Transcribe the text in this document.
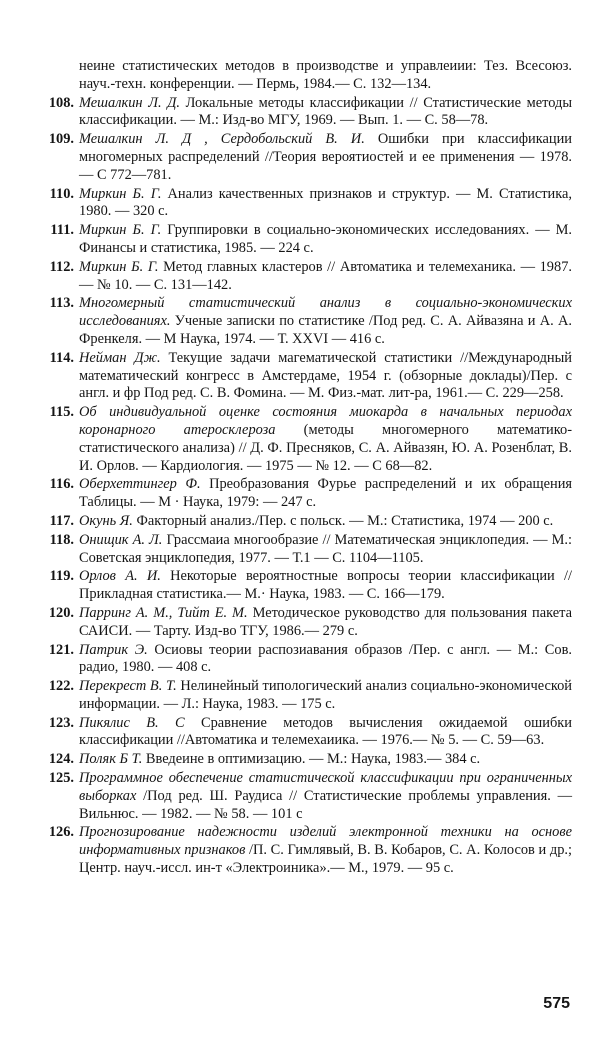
неине статистических методов в производстве и управлеиии: Тез. Всесоюз. науч.-техн. конференции. — Пермь, 1984.— С. 132—134.
108. Мешалкин Л. Д. Локальные методы классификации // Статистические методы классификации. — М.: Изд-во МГУ, 1969. — Вып. 1. — С. 58—78.
109. Мешалкин Л. Д , Сердобольский В. И. Ошибки при классификации многомерных распределений //Теория вероятиостей и ее применения — 1978. — С 772—781.
110. Миркин Б. Г. Анализ качественных признаков и структур. — М. Статистика, 1980. — 320 с.
111. Миркин Б. Г. Группировки в социально-экономических исследованиях. — М. Финансы и статистика, 1985. — 224 с.
112. Миркин Б. Г. Метод главных кластеров // Автоматика и телемеханика. — 1987. — № 10. — С. 131—142.
113. Многомерный статистический анализ в социально-экономических исследованиях. Ученые записки по статистике /Под ред. С. А. Айвазяна и А. А. Френкеля. — М Наука, 1974. — Т. XXVI — 416 с.
114. Нейман Дж. Текущие задачи магематической статистики //Международный математический конгресс в Амстердаме, 1954 г. (обзорные доклады)/Пер. с англ. и фр Под ред. С. В. Фомина. — М. Физ.-мат. лит-ра, 1961.— С. 229—258.
115. Об индивидуальной оценке состояния миокарда в начальных периодах коронарного атеросклероза (методы многомерного математико-статистического анализа) // Д. Ф. Пресняков, С. А. Айвазян, Ю. А. Розенблат, В. И. Орлов. — Кардиология. — 1975 — № 12. — С 68—82.
116. Оберхеттингер Ф. Преобразования Фурье распределений и их обращения Таблицы. — М · Наука, 1979: — 247 с.
117. Окунь Я. Факторный анализ./Пер. с польск. — М.: Статистика, 1974 — 200 с.
118. Онищик А. Л. Грассмаиа многообразие // Математическая энциклопедия. — М.: Советская энциклопедия, 1977. — Т.1 — С. 1104—1105.
119. Орлов А. И. Некоторые вероятностные вопросы теории классификации // Прикладная статистика.— М.· Наука, 1983. — С. 166—179.
120. Парринг А. М., Тийт Е. М. Методическое руководство для пользования пакета САИСИ. — Тарту. Изд-во ТГУ, 1986.— 279 с.
121. Патрик Э. Осиовы теории распозиавания образов /Пер. с англ. — М.: Сов. радио, 1980. — 408 с.
122. Перекрест В. Т. Нелинейный типологический анализ социально-экономической информации. — Л.: Наука, 1983. — 175 с.
123. Пикялис В. С Сравнение методов вычисления ожидаемой ошибки классификации //Автоматика и телемехаиика. — 1976.— № 5. — С. 59—63.
124. Поляк Б Т. Введеине в оптимизацию. — М.: Наука, 1983.— 384 с.
125. Программное обеспечение статистической классификации при ограниченных выборках /Под ред. Ш. Раудиса // Статистические проблемы управления. — Вильнюс. — 1982. — № 58. — 101 с
126. Прогнозирование надежности изделий электронной техники на основе информативных признаков /П. С. Гимлявый, В. В. Кобаров, С. А. Колосов и др.; Центр. науч.-иссл. ин-т «Электроиника».— М., 1979. — 95 с.
575
